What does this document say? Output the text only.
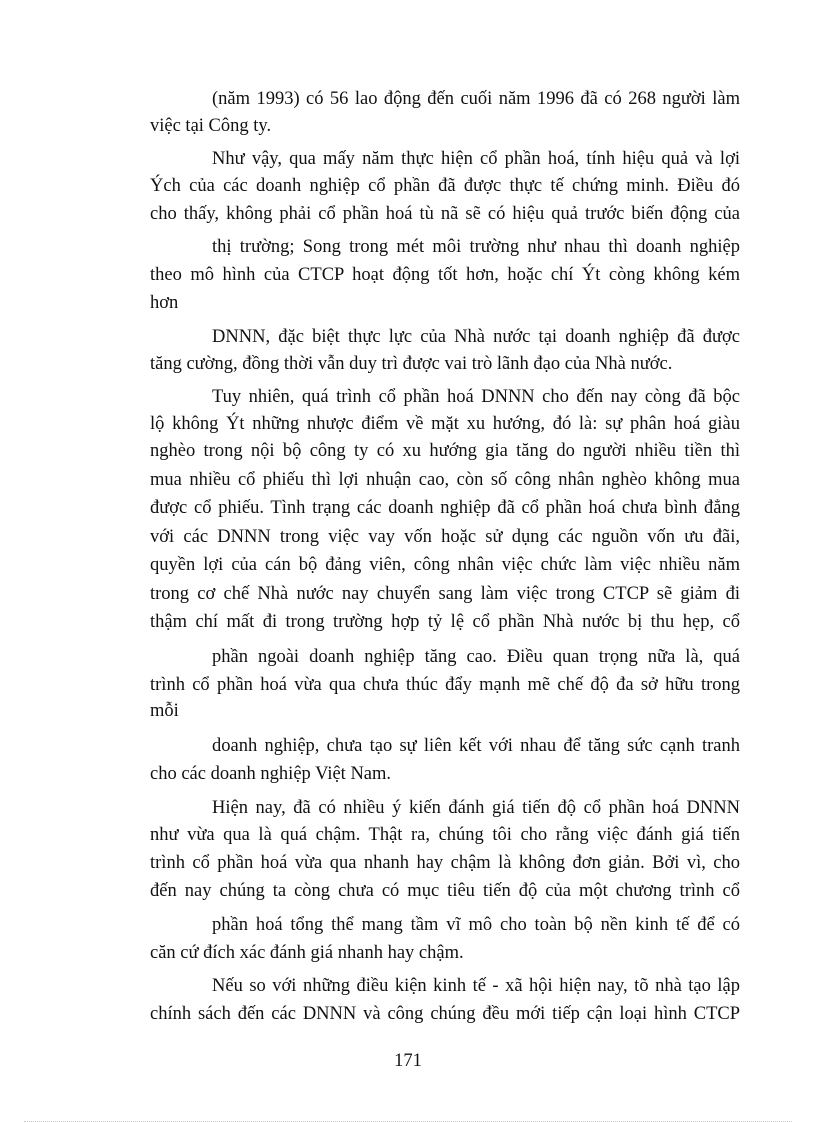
(năm 1993) có 56 lao động đến cuối năm 1996 đã có 268 người làm
việc tại Công ty.
Như vậy, qua mấy năm thực hiện cổ phần hoá, tính hiệu quả và lợi
Ých của các doanh nghiệp cổ phần đã được thực tế chứng minh. Điều đó
cho thấy, không phải cổ phần hoá tù nã sẽ có hiệu quả trước biến động của
thị trường; Song trong mét môi trường như nhau thì doanh nghiệp
theo mô hình của CTCP hoạt động tốt hơn, hoặc chí Ýt còng không kém
hơn
DNNN, đặc biệt thực lực của Nhà nước tại doanh nghiệp đã được
tăng cường, đồng thời vẫn duy trì được vai trò lãnh đạo của Nhà nước.
Tuy nhiên, quá trình cổ phần hoá DNNN cho đến nay còng đã bộc
lộ không Ýt những nhược điểm về mặt xu hướng, đó là: sự phân hoá giàu
nghèo trong nội bộ công ty có xu hướng gia tăng do người nhiều tiền thì
mua nhiều cổ phiếu thì lợi nhuận cao, còn số công nhân nghèo không mua
được cổ phiếu. Tình trạng các doanh nghiệp đã cổ phần hoá chưa bình đẳng
với các DNNN trong việc vay vốn hoặc sử dụng các nguồn vốn ưu đãi,
quyền lợi của cán bộ đảng viên, công nhân việc chức làm việc nhiều năm
trong cơ chế Nhà nước nay chuyển sang làm việc trong CTCP sẽ giảm đi
thậm chí mất đi trong trường hợp tỷ lệ cổ phần Nhà nước bị thu hẹp, cổ
phần ngoài doanh nghiệp tăng cao. Điều quan trọng nữa là, quá
trình cổ phần hoá vừa qua chưa thúc đẩy mạnh mẽ chế độ đa sở hữu trong
mỗi
doanh nghiệp, chưa tạo sự liên kết với nhau để tăng sức cạnh tranh
cho các doanh nghiệp Việt Nam.
Hiện nay, đã có nhiều ý kiến đánh giá tiến độ cổ phần hoá DNNN
như vừa qua là quá chậm. Thật ra, chúng tôi cho rằng việc đánh giá tiến
trình cổ phần hoá vừa qua nhanh hay chậm là không đơn giản. Bởi vì, cho
đến nay chúng ta còng chưa có mục tiêu tiến độ của một chương trình cổ
phần hoá tổng thể mang tầm vĩ mô cho toàn bộ nền kinh tế để có
căn cứ đích xác đánh giá nhanh hay chậm.
Nếu so với những điều kiện kinh tế - xã hội hiện nay, tõ nhà tạo lập
chính sách đến các DNNN và công chúng đều mới tiếp cận loại hình CTCP
171
